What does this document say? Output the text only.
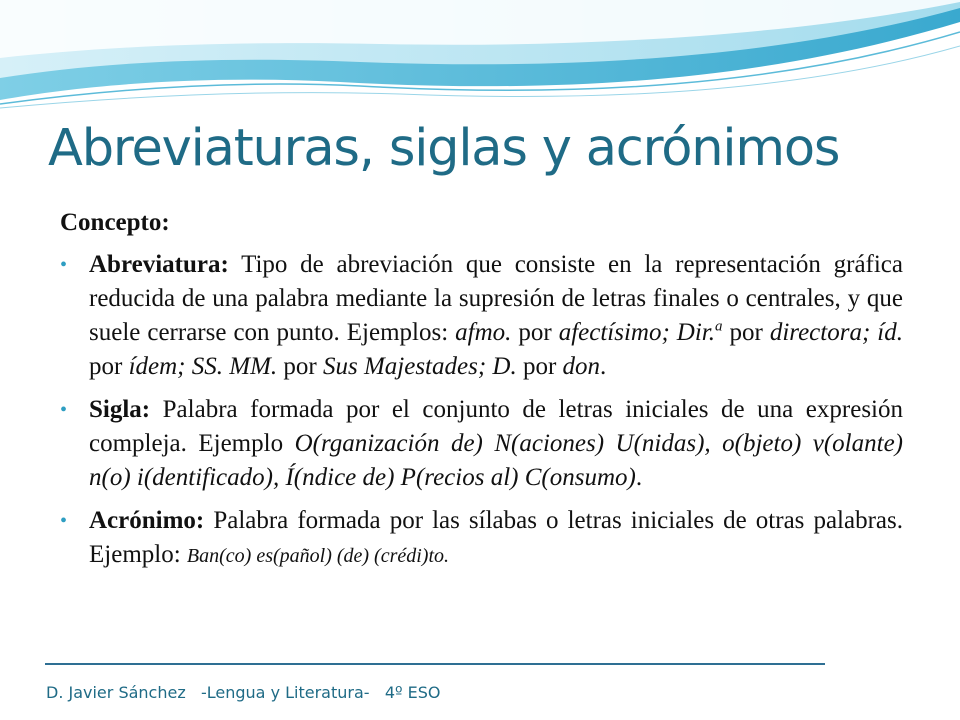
Abreviaturas, siglas y acrónimos
Concepto:
• Abreviatura: Tipo de abreviación que consiste en la representación gráfica reducida de una palabra mediante la supresión de letras finales o centrales, y que suele cerrarse con punto. Ejemplos: afmo. por afectísimo; Dir.$^a$ por directora; íd. por ídem; SS. MM. por Sus Majestades; D. por don.
• Sigla: Palabra formada por el conjunto de letras iniciales de una expresión compleja. Ejemplo O(rganización de) N(aciones) U(nidas), o(bjeto) v(olante) n(o) i(dentificado), Í(ndice de) P(recios al) C(onsumo).
• Acrónimo: Palabra formada por las sílabas o letras iniciales de otras palabras. Ejemplo: Ban(co) es(pañol) (de) (crédi)to.
D. Javier Sánchez -Lengua y Literatura- 4º ESO
